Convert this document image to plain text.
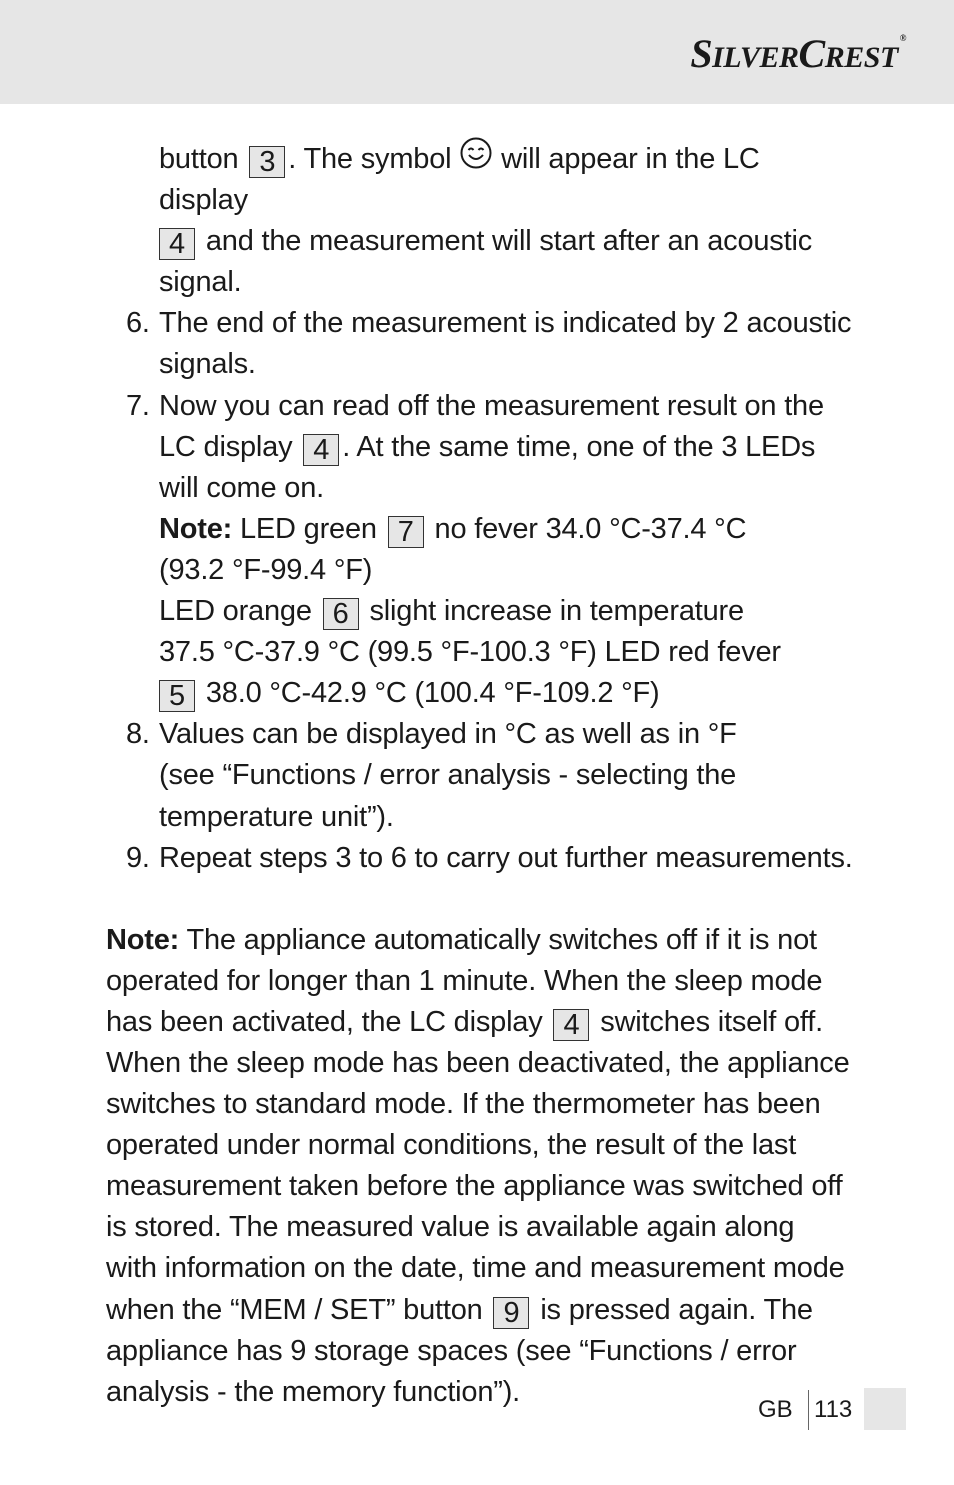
SILVERCREST®
button 3 . The symbol will appear in the LC display
4 and the measurement will start after an acoustic
signal.
6. The end of the measurement is indicated by 2 acoustic
signals.
7. Now you can read off the measurement result on the
LC display 4 . At the same time, one of the 3 LEDs
will come on.
Note: LED green 7 no fever 34.0 °C-37.4 °C
(93.2 °F-99.4 °F)
LED orange 6 slight increase in temperature
37.5 °C-37.9 °C (99.5 °F-100.3 °F) LED red fever
5 38.0 °C-42.9 °C (100.4 °F-109.2 °F)
8. Values can be displayed in °C as well as in °F
(see “Functions / error analysis - selecting the
temperature unit”).
9. Repeat steps 3 to 6 to carry out further measurements.
Note: The appliance automatically switches off if it is not
operated for longer than 1 minute. When the sleep mode
has been activated, the LC display 4 switches itself off.
When the sleep mode has been deactivated, the appliance
switches to standard mode. If the thermometer has been
operated under normal conditions, the result of the last
measurement taken before the appliance was switched off
is stored. The measured value is available again along
with information on the date, time and measurement mode
when the “MEM / SET” button 9 is pressed again. The
appliance has 9 storage spaces (see “Functions / error
analysis - the memory function”).
GB 113
